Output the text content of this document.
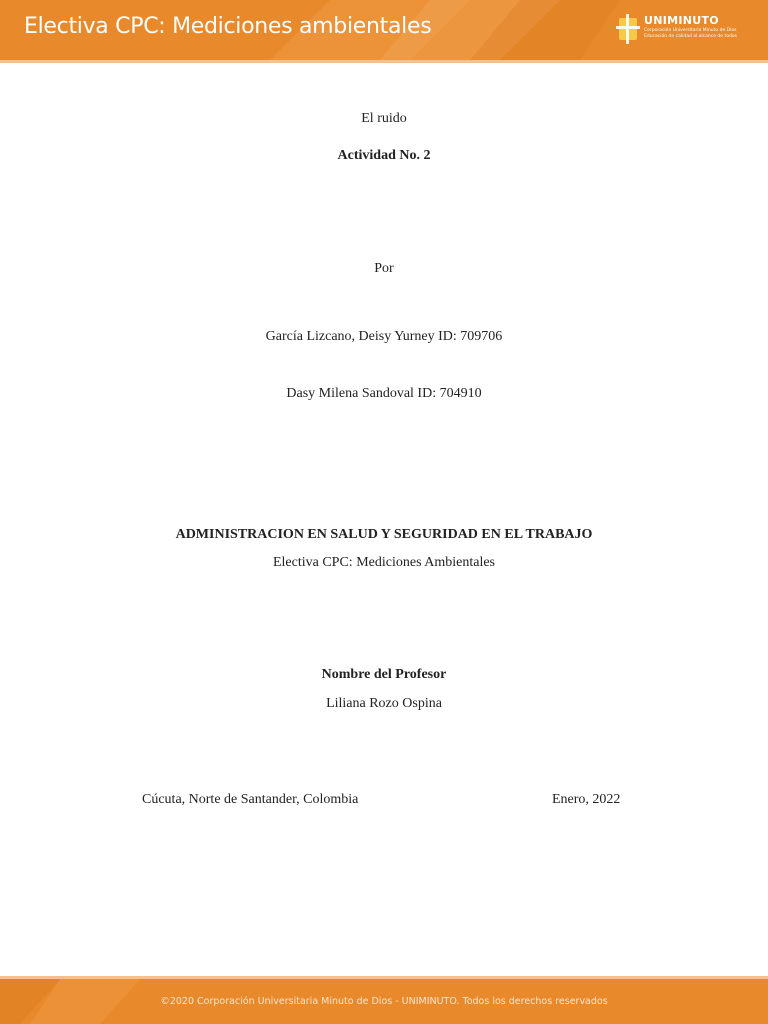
Electiva CPC: Mediciones ambientales	UNIMINUTO
Corporación Universitaria Minuto de Dios
Educación de calidad al alcance de todos
El ruido
Actividad No. 2
Por
García Lizcano, Deisy Yurney ID: 709706
Dasy Milena Sandoval ID: 704910
ADMINISTRACION EN SALUD Y SEGURIDAD EN EL TRABAJO
Electiva CPC: Mediciones Ambientales
Nombre del Profesor
Liliana Rozo Ospina
Cúcuta, Norte de Santander, Colombia	Enero, 2022
©2020 Corporación Universitaria Minuto de Dios - UNIMINUTO. Todos los derechos reservados
